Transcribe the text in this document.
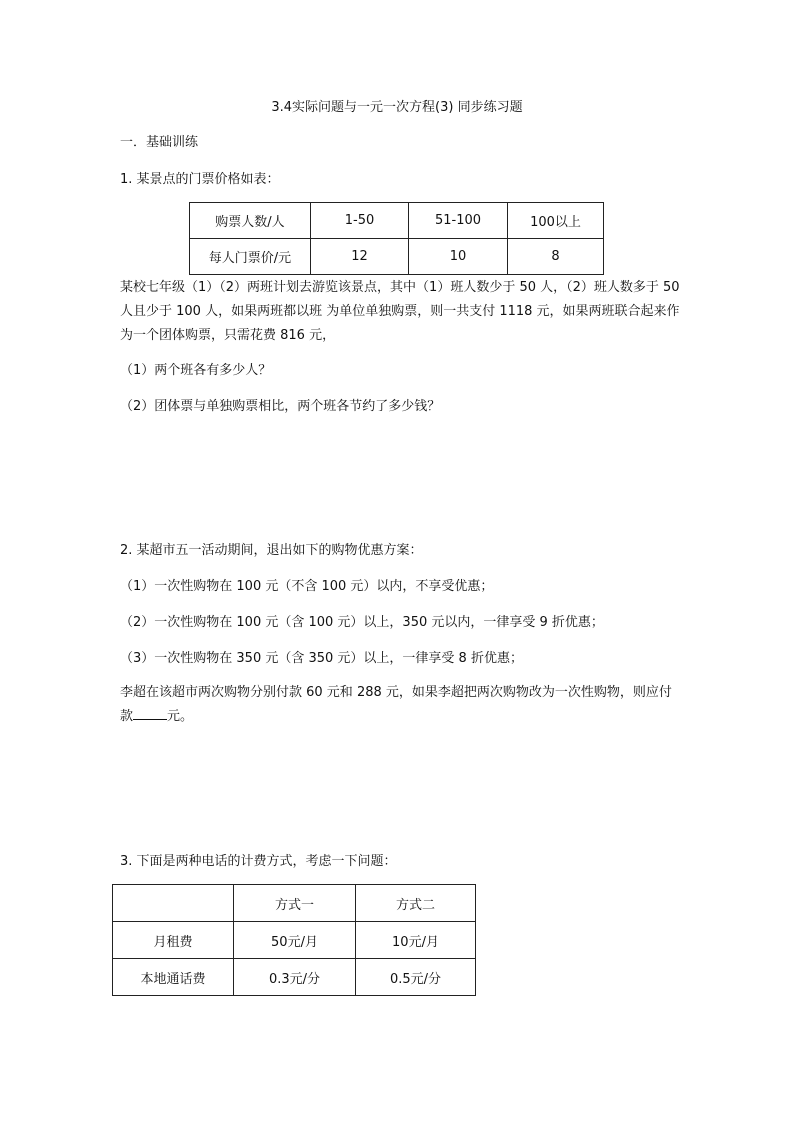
3.4实际问题与一元一次方程(3) 同步练习题
一．基础训练
1. 某景点的门票价格如表：
购票人数/人	1-50	51-100	100以上
每人门票价/元	12	10	8
某校七年级（1）（2）两班计划去游览该景点，其中（1）班人数少于 50 人，（2）班人数多于 50 人且少于 100 人，如果两班都以班 为单位单独购票，则一共支付 1118 元，如果两班联合起来作为一个团体购票，只需花费 816 元，
（1）两个班各有多少人？
（2）团体票与单独购票相比，两个班各节约了多少钱？
2. 某超市五一活动期间，退出如下的购物优惠方案：
（1）一次性购物在 100 元（不含 100 元）以内，不享受优惠；
（2）一次性购物在 100 元（含 100 元）以上，350 元以内，一律享受 9 折优惠；
（3）一次性购物在 350 元（含 350 元）以上，一律享受 8 折优惠；
李超在该超市两次购物分别付款 60 元和 288 元，如果李超把两次购物改为一次性购物，则应付款	元。
3. 下面是两种电话的计费方式，考虑一下问题：
	方式一	方式二
月租费	50元/月	10元/月
本地通话费	0.3元/分	0.5元/分
